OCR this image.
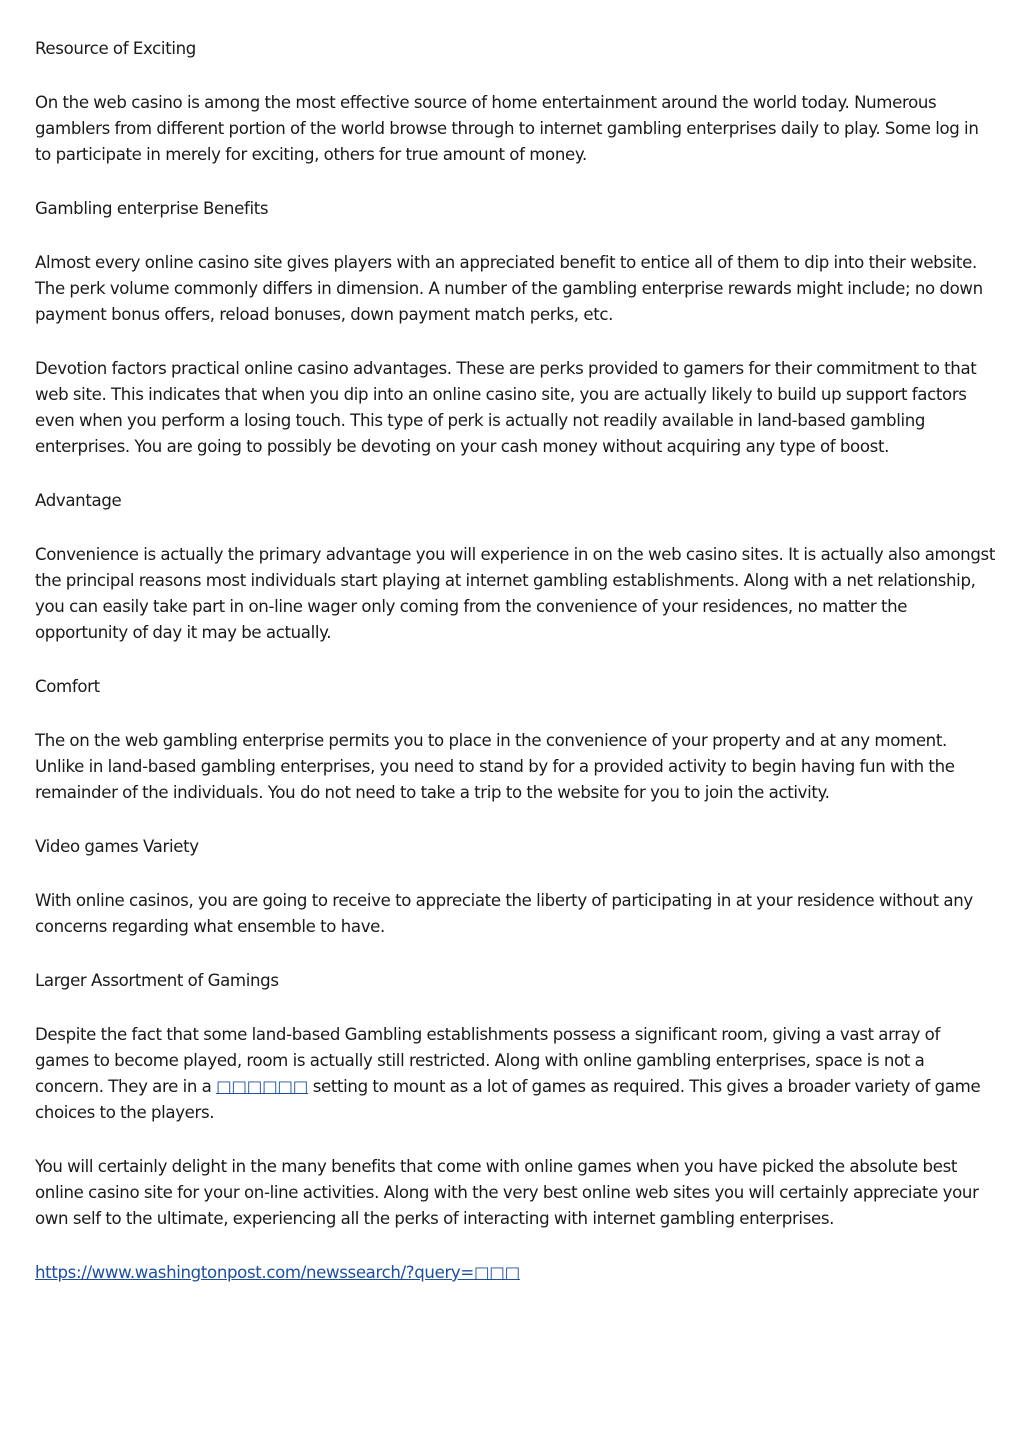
Resource of Exciting

On the web casino is among the most effective source of home entertainment around the world today. Numerous gamblers from different portion of the world browse through to internet gambling enterprises daily to play. Some log in to participate in merely for exciting, others for true amount of money.

Gambling enterprise Benefits

Almost every online casino site gives players with an appreciated benefit to entice all of them to dip into their website. The perk volume commonly differs in dimension. A number of the gambling enterprise rewards might include; no down payment bonus offers, reload bonuses, down payment match perks, etc.

Devotion factors practical online casino advantages. These are perks provided to gamers for their commitment to that web site. This indicates that when you dip into an online casino site, you are actually likely to build up support factors even when you perform a losing touch. This type of perk is actually not readily available in land-based gambling enterprises. You are going to possibly be devoting on your cash money without acquiring any type of boost.

Advantage

Convenience is actually the primary advantage you will experience in on the web casino sites. It is actually also amongst the principal reasons most individuals start playing at internet gambling establishments. Along with a net relationship, you can easily take part in on-line wager only coming from the convenience of your residences, no matter the opportunity of day it may be actually.

Comfort

The on the web gambling enterprise permits you to place in the convenience of your property and at any moment. Unlike in land-based gambling enterprises, you need to stand by for a provided activity to begin having fun with the remainder of the individuals. You do not need to take a trip to the website for you to join the activity.

Video games Variety

With online casinos, you are going to receive to appreciate the liberty of participating in at your residence without any concerns regarding what ensemble to have.

Larger Assortment of Gamings

Despite the fact that some land-based Gambling establishments possess a significant room, giving a vast array of games to become played, room is actually still restricted. Along with online gambling enterprises, space is not a concern. They are in a □□□□□□ setting to mount as a lot of games as required. This gives a broader variety of game choices to the players.

You will certainly delight in the many benefits that come with online games when you have picked the absolute best online casino site for your on-line activities. Along with the very best online web sites you will certainly appreciate your own self to the ultimate, experiencing all the perks of interacting with internet gambling enterprises.

https://www.washingtonpost.com/newssearch/?query=□□□
